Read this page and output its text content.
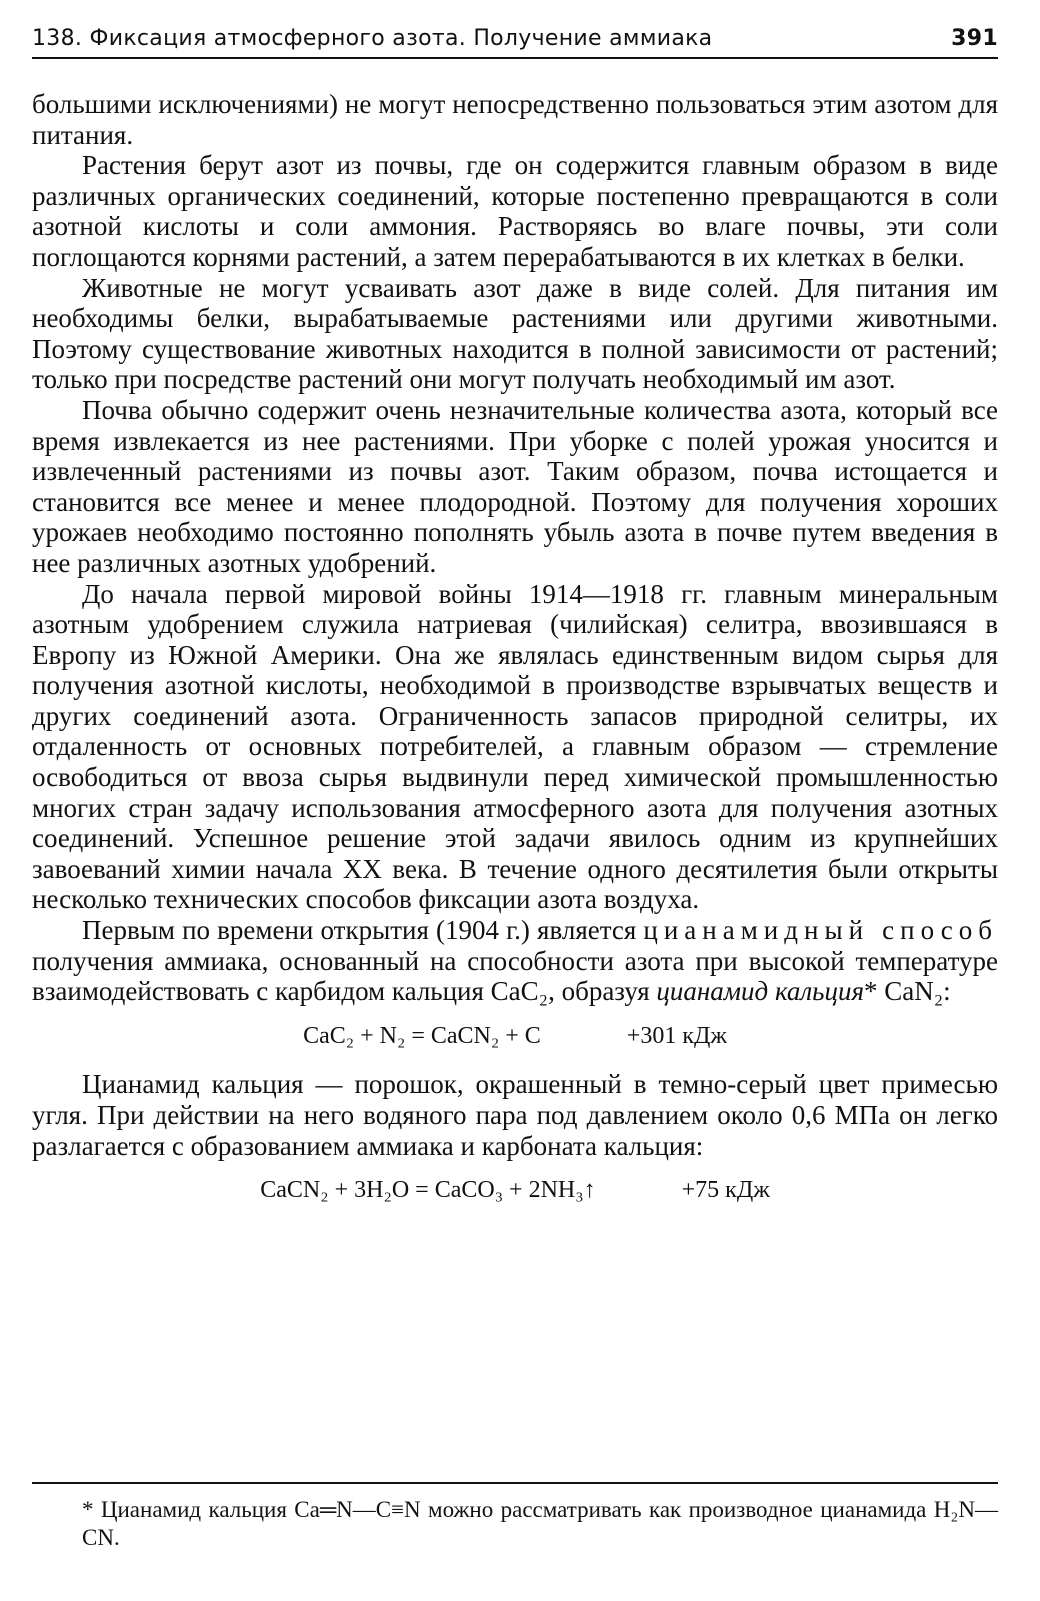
138. Фиксация атмосферного азота. Получение аммиака	391

большими исключениями) не могут непосредственно пользоваться этим азотом для питания.

Растения берут азот из почвы, где он содержится главным образом в виде различных органических соединений, которые постепенно превращаются в соли азотной кислоты и соли аммония. Растворяясь во влаге почвы, эти соли поглощаются корнями растений, а затем перерабатываются в их клетках в белки.

Животные не могут усваивать азот даже в виде солей. Для питания им необходимы белки, вырабатываемые растениями или другими животными. Поэтому существование животных находится в полной зависимости от растений; только при посредстве растений они могут получать необходимый им азот.

Почва обычно содержит очень незначительные количества азота, который все время извлекается из нее растениями. При уборке с полей урожая уносится и извлеченный растениями из почвы азот. Таким образом, почва истощается и становится все менее и менее плодородной. Поэтому для получения хороших урожаев необходимо постоянно пополнять убыль азота в почве путем введения в нее различных азотных удобрений.

До начала первой мировой войны 1914—1918 гг. главным минеральным азотным удобрением служила натриевая (чилийская) селитра, ввозившаяся в Европу из Южной Америки. Она же являлась единственным видом сырья для получения азотной кислоты, необходимой в производстве взрывчатых веществ и других соединений азота. Ограниченность запасов природной селитры, их отдаленность от основных потребителей, а главным образом — стремление освободиться от ввоза сырья выдвинули перед химической промышленностью многих стран задачу использования атмосферного азота для получения азотных соединений. Успешное решение этой задачи явилось одним из крупнейших завоеваний химии начала XX века. В течение одного десятилетия были открыты несколько технических способов фиксации азота воздуха.

Первым по времени открытия (1904 г.) является цианамидный способ получения аммиака, основанный на способности азота при высокой температуре взаимодействовать с карбидом кальция CaC₂, образуя цианамид кальция* CaN₂:

CaC₂ + N₂ = CaCN₂ + C	+301 кДж

Цианамид кальция — порошок, окрашенный в темно-серый цвет примесью угля. При действии на него водяного пара под давлением около 0,6 МПа он легко разлагается с образованием аммиака и карбоната кальция:

CaCN₂ + 3H₂O = CaCO₃ + 2NH₃↑	+75 кДж
* Цианамид кальция Ca═N—C≡N можно рассматривать как производное цианамида H₂N—CN.
